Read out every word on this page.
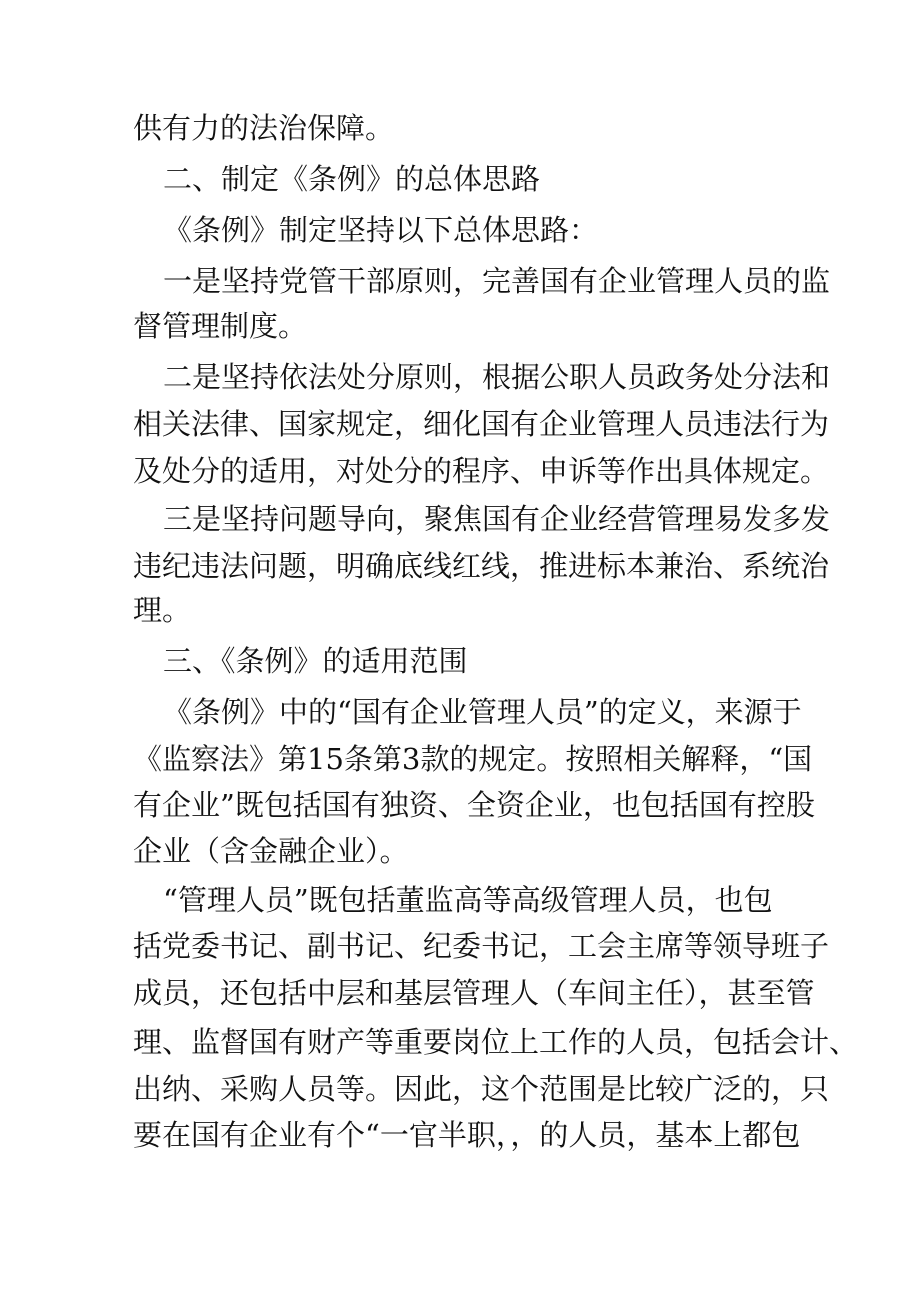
供有力的法治保障。
二、制定《条例》的总体思路
《条例》制定坚持以下总体思路：
一是坚持党管干部原则，完善国有企业管理人员的监
督管理制度。
二是坚持依法处分原则，根据公职人员政务处分法和
相关法律、国家规定，细化国有企业管理人员违法行为
及处分的适用，对处分的程序、申诉等作出具体规定。
三是坚持问题导向，聚焦国有企业经营管理易发多发
违纪违法问题，明确底线红线，推进标本兼治、系统治
理。
三、《条例》的适用范围
《条例》中的“国有企业管理人员”的定义，来源于
《监察法》第15条第3款的规定。按照相关解释，“国
有企业”既包括国有独资、全资企业，也包括国有控股
企业（含金融企业）。
“管理人员”既包括董监高等高级管理人员，也包
括党委书记、副书记、纪委书记，工会主席等领导班子
成员，还包括中层和基层管理人（车间主任），甚至管
理、监督国有财产等重要岗位上工作的人员，包括会计、
出纳、采购人员等。因此，这个范围是比较广泛的，只
要在国有企业有个“一官半职，，的人员，基本上都包
